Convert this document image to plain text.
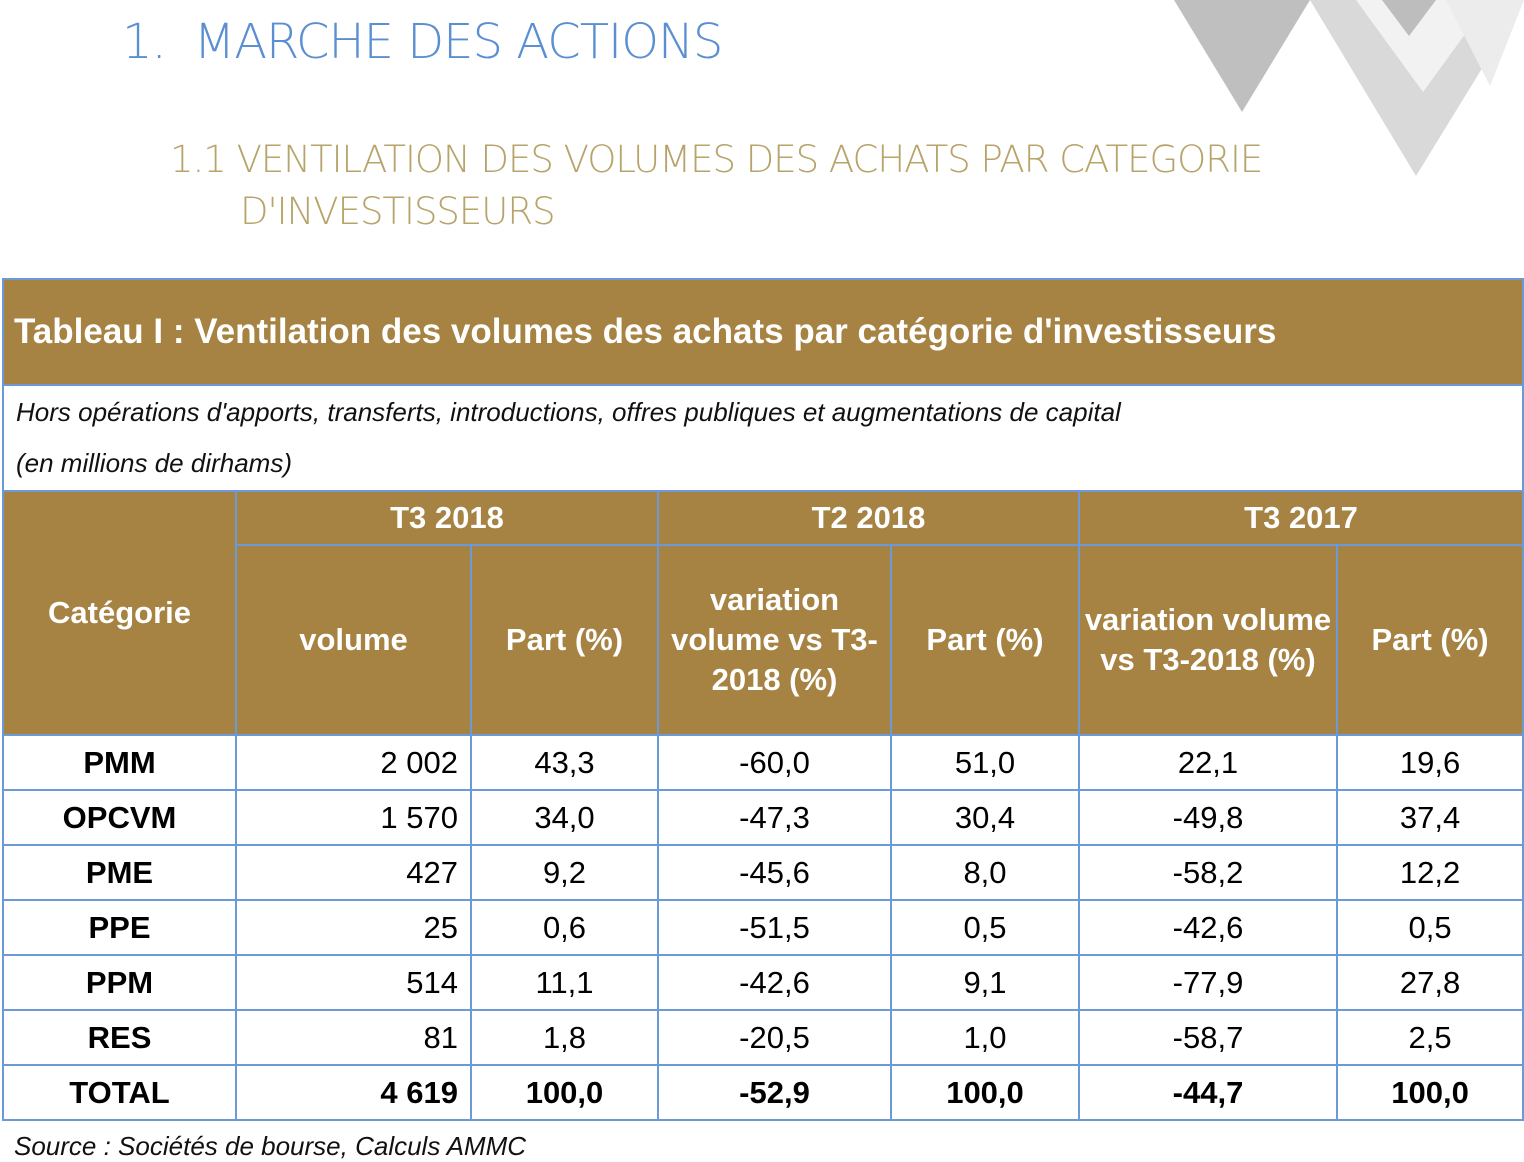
1. MARCHE DES ACTIONS
1.1 VENTILATION DES VOLUMES DES ACHATS PAR CATEGORIE
D'INVESTISSEURS
Tableau I : Ventilation des volumes des achats par catégorie d'investisseurs						
Hors opérations d'apports, transferts, introductions, offres publiques et augmentations de capital
(en millions de dirhams)						
Catégorie	T3 2018		T2 2018		T3 2017	
	volume	Part (%)	variation volume vs T3-2018 (%)	Part (%)	variation volume vs T3-2018 (%)	Part (%)
PMM	2 002	43,3	-60,0	51,0	22,1	19,6
OPCVM	1 570	34,0	-47,3	30,4	-49,8	37,4
PME	427	9,2	-45,6	8,0	-58,2	12,2
PPE	25	0,6	-51,5	0,5	-42,6	0,5
PPM	514	11,1	-42,6	9,1	-77,9	27,8
RES	81	1,8	-20,5	1,0	-58,7	2,5
TOTAL	4 619	100,0	-52,9	100,0	-44,7	100,0

Source : Sociétés de bourse, Calculs AMMC
